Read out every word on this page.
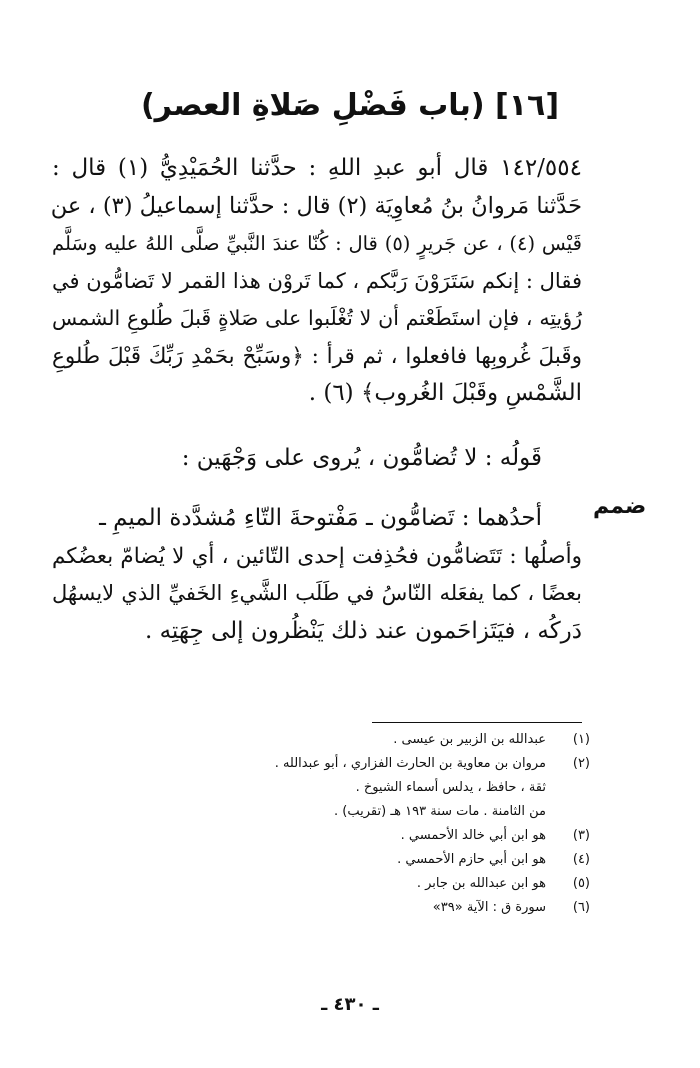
[١٦] (باب فَضْلِ صَلاةِ العصر)
١٤٢/٥٥٤ قال أبو عبدِ اللهِ : حدَّثنا الحُمَيْدِيُّ (١) قال :
حَدَّثنا مَروانُ بنُ مُعاوِيَة (٢) قال : حدَّثنا إسماعيلُ (٣) ، عن
قَيْس (٤) ، عن جَريرٍ (٥) قال : كُنّا عندَ النَّبيِّ صلَّى اللهُ عليه وسَلَّم
فقال : إنكم سَتَرَوْنَ رَبَّكم ، كما تَروْن هذا القمر لا تَضامُّون في
رُؤيتِه ، فإن استَطَعْتم أن لا تُغْلَبوا على صَلاةٍ قَبلَ طُلوعِ الشمس
وقَبلَ غُروبِها فافعلوا ، ثم قرأ : ﴿وسَبِّحْ بحَمْدِ رَبِّكَ قَبْلَ طُلوعِ
الشَّمْسِ وقَبْلَ الغُروب﴾ (٦) .
قَولُه : لا تُضامُّون ، يُروى على وَجْهَين :
ضمم
أحدُهما : تَضامُّون ـ مَفْتوحةَ التّاءِ مُشدَّدة الميمِ ـ
وأصلُها : تَتَضامُّون فحُذِفت إحدى التّائين ، أي لا يُضامّ بعضُكم
بعضًا ، كما يفعَله النّاسُ في طَلَب الشَّيءِ الخَفيِّ الذي لايسهُل
دَركُه ، فيَتَزاحَمون عند ذلك يَنْظُرون إلى جِهَتِه .
(١)
عبدالله بن الزبير بن عيسى .
(٢)
مروان بن معاوية بن الحارث الفزاري ، أبو عبدالله .
ثقة ، حافظ ، يدلس أسماء الشيوخ .
من الثامنة . مات سنة ١٩٣ هـ (تقريب) .
(٣)
هو ابن أبي خالد الأحمسي .
(٤)
هو ابن أبي حازم الأحمسي .
(٥)
هو ابن عبدالله بن جابر .
(٦)
سورة ق : الآية «٣٩»
ـ ٤٣٠ ـ
